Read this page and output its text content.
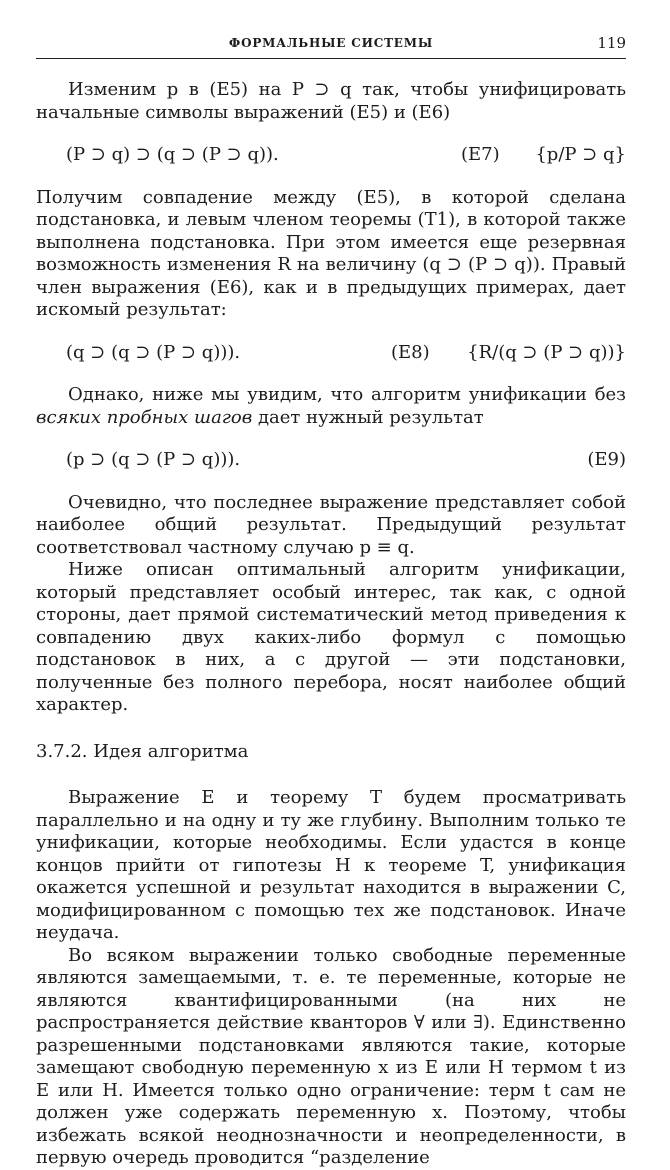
ФОРМАЛЬНЫЕ СИСТЕМЫ	119

Изменим p в (E5) на P ⊃ q так, чтобы унифицировать начальные символы выражений (E5) и (E6)

(P ⊃ q) ⊃ (q ⊃ (P ⊃ q)).	(E7) {p/P ⊃ q}

Получим совпадение между (E5), в которой сделана подстановка, и левым членом теоремы (T1), в которой также выполнена подстановка. При этом имеется еще резервная возможность изменения R на величину (q ⊃ (P ⊃ q)). Правый член выражения (E6), как и в предыдущих примерах, дает искомый результат:

(q ⊃ (q ⊃ (P ⊃ q))).	(E8) {R/(q ⊃ (P ⊃ q))}

Однако, ниже мы увидим, что алгоритм унификации без всяких пробных шагов дает нужный результат

(p ⊃ (q ⊃ (P ⊃ q))).	(E9)

Очевидно, что последнее выражение представляет собой наиболее общий результат. Предыдущий результат соответствовал частному случаю p ≡ q.

Ниже описан оптимальный алгоритм унификации, который представляет особый интерес, так как, с одной стороны, дает прямой систематический метод приведения к совпадению двух каких-либо формул с помощью подстановок в них, а с другой — эти подстановки, полученные без полного перебора, носят наиболее общий характер.

3.7.2. Идея алгоритма

Выражение E и теорему T будем просматривать параллельно и на одну и ту же глубину. Выполним только те унификации, которые необходимы. Если удастся в конце концов прийти от гипотезы H к теореме T, унификация окажется успешной и результат находится в выражении C, модифицированном с помощью тех же подстановок. Иначе неудача.

Во всяком выражении только свободные переменные являются замещаемыми, т. е. те переменные, которые не являются квантифицированными (на них не распространяется действие кванторов ∀ или ∃). Единственно разрешенными подстановками являются такие, которые замещают свободную переменную x из E или H термом t из E или H. Имеется только одно ограничение: терм t сам не должен уже содержать переменную x. Поэтому, чтобы избежать всякой неоднозначности и неопределенности, в первую очередь проводится “разделение
